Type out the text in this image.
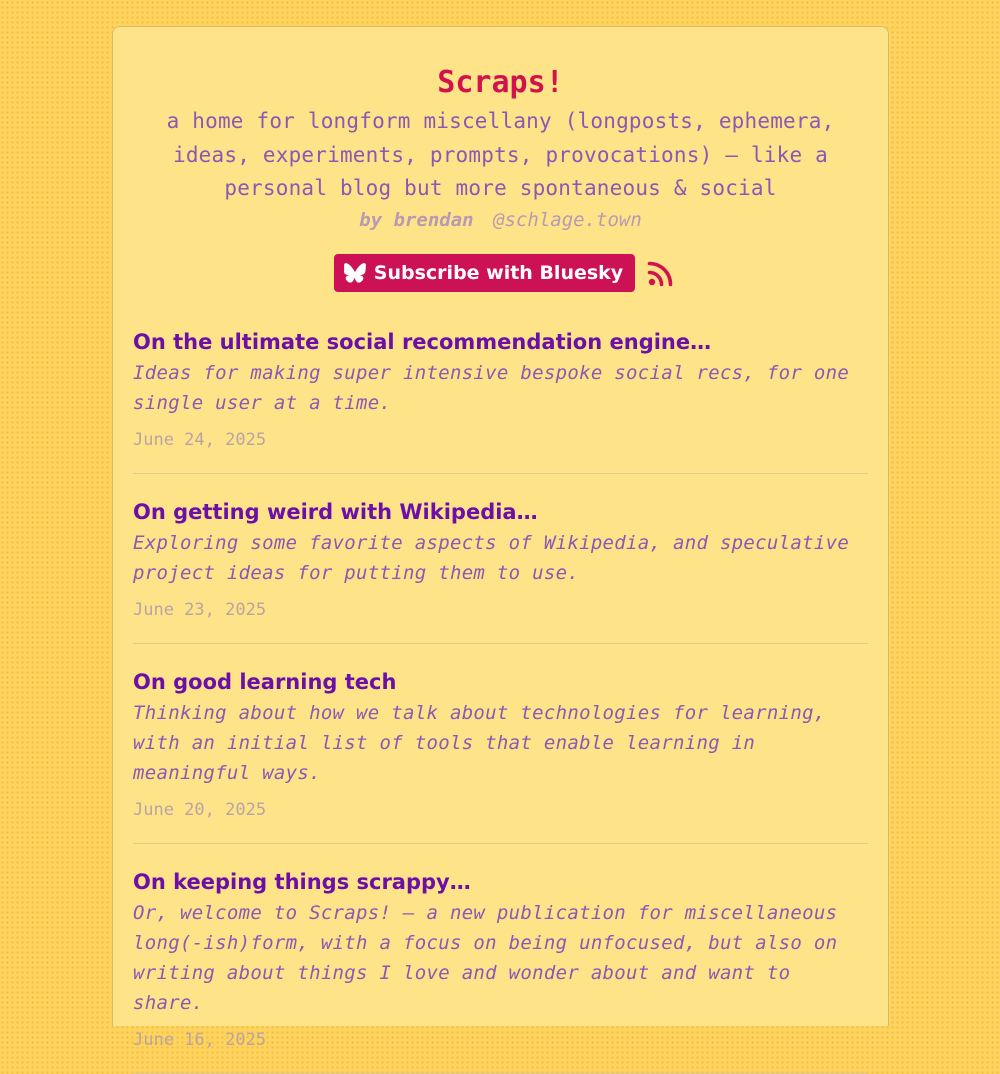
Scraps!
a home for longform miscellany (longposts, ephemera, ideas, experiments, prompts, provocations) — like a personal blog but more spontaneous & social
by brendan @schlage.town
Subscribe with Bluesky
On the ultimate social recommendation engine…
Ideas for making super intensive bespoke social recs, for one single user at a time.
June 24, 2025
On getting weird with Wikipedia…
Exploring some favorite aspects of Wikipedia, and speculative project ideas for putting them to use.
June 23, 2025
On good learning tech
Thinking about how we talk about technologies for learning, with an initial list of tools that enable learning in meaningful ways.
June 20, 2025
On keeping things scrappy…
Or, welcome to Scraps! — a new publication for miscellaneous long(-ish)form, with a focus on being unfocused, but also on writing about things I love and wonder about and want to share.
June 16, 2025
